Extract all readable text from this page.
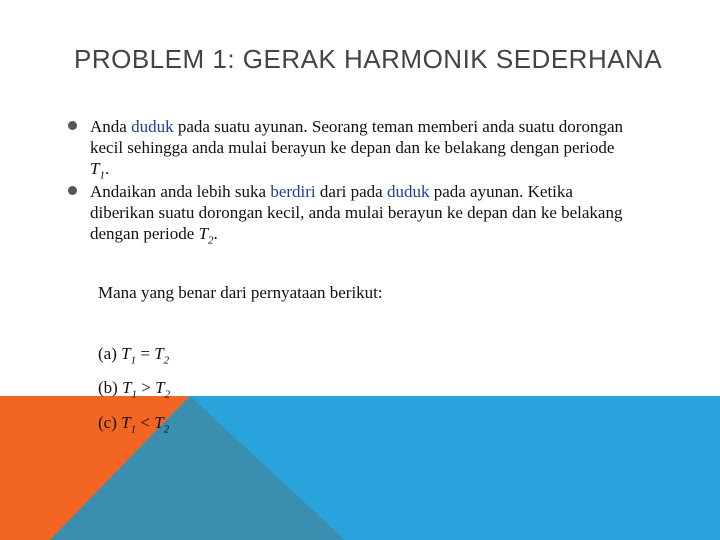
PROBLEM 1: GERAK HARMONIK SEDERHANA
Anda duduk pada suatu ayunan. Seorang teman memberi anda suatu dorongan kecil sehingga anda mulai berayun ke depan dan ke belakang dengan periode $T_1$.
Andaikan anda lebih suka berdiri dari pada duduk pada ayunan. Ketika diberikan suatu dorongan kecil, anda mulai berayun ke depan dan ke belakang dengan periode $T_2$.
Mana yang benar dari pernyataan berikut:
(a) $T_1 = T_2$
(b) $T_1 > T_2$
(c) $T_1 < T_2$
